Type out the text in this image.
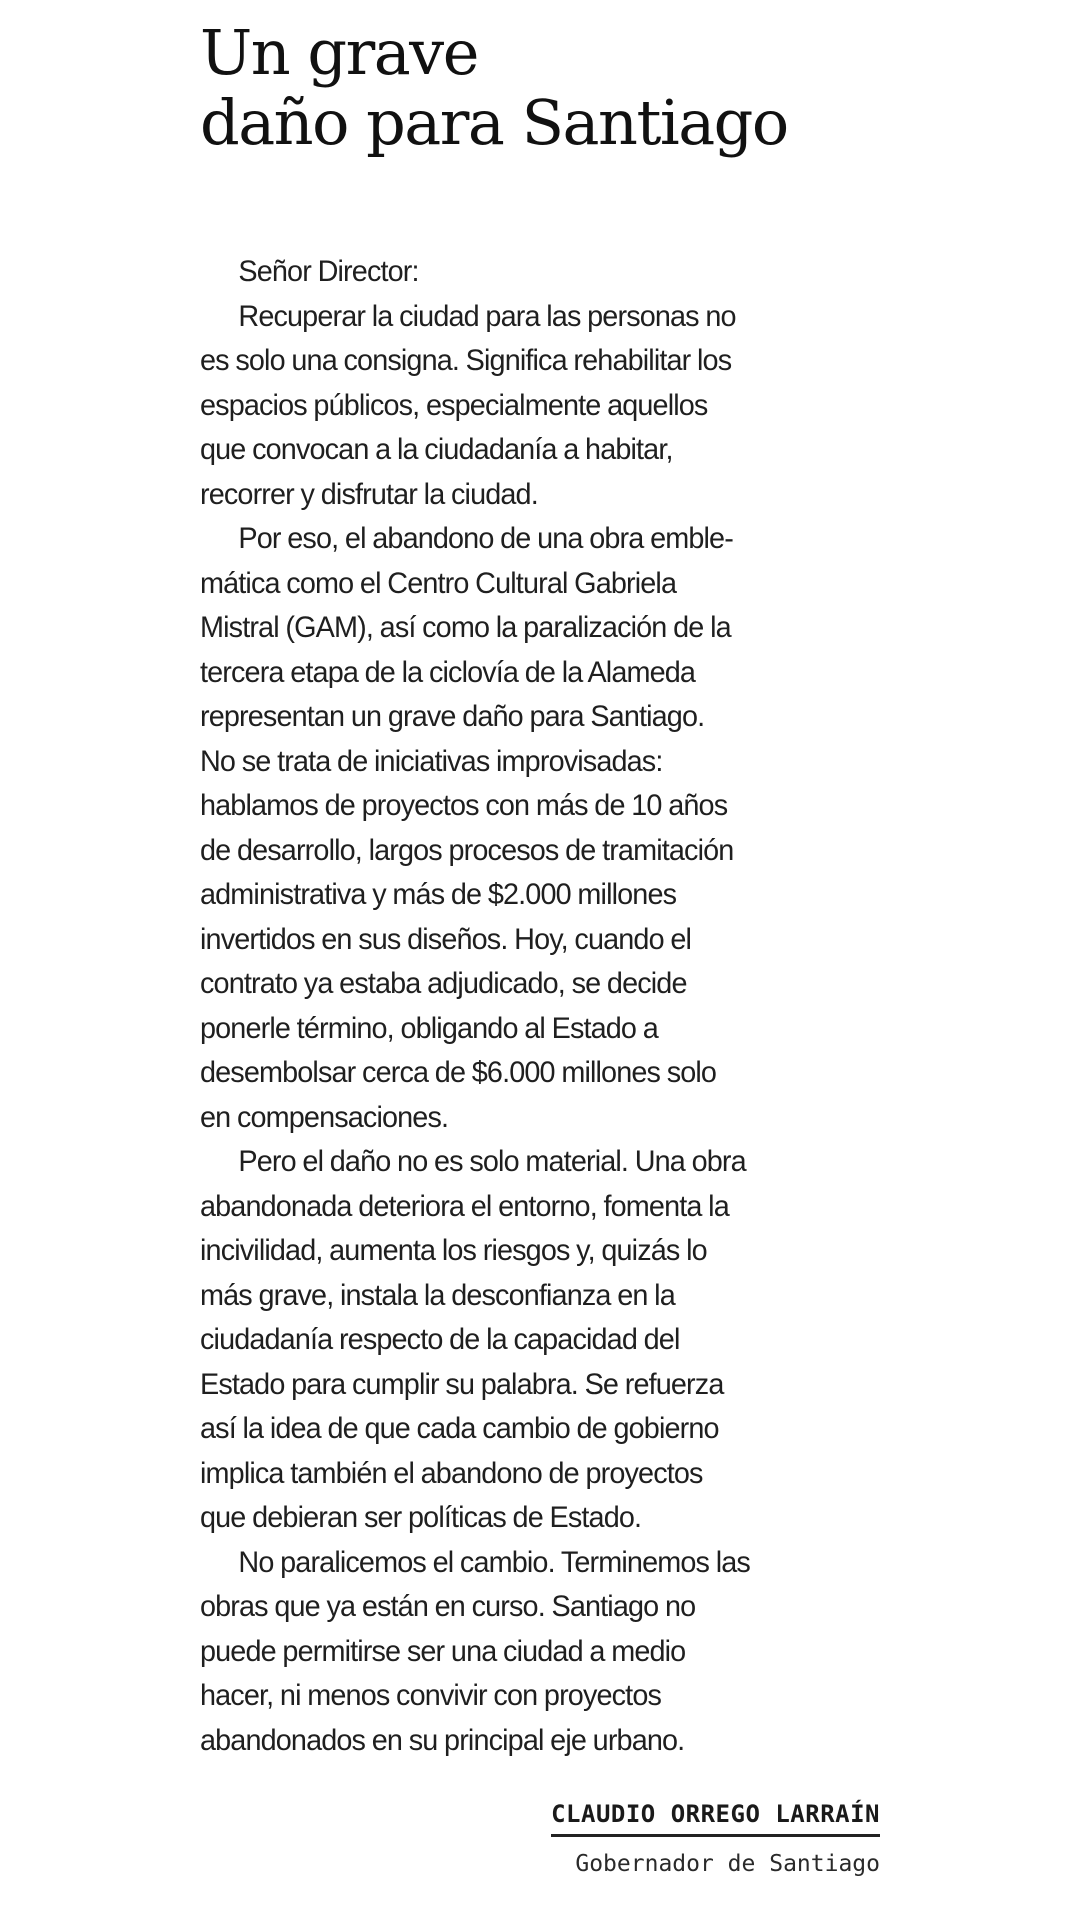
Un grave
daño para Santiago
Señor Director:
Recuperar la ciudad para las personas no
es solo una consigna. Significa rehabilitar los
espacios públicos, especialmente aquellos
que convocan a la ciudadanía a habitar,
recorrer y disfrutar la ciudad.
Por eso, el abandono de una obra emble-
mática como el Centro Cultural Gabriela
Mistral (GAM), así como la paralización de la
tercera etapa de la ciclovía de la Alameda
representan un grave daño para Santiago.
No se trata de iniciativas improvisadas:
hablamos de proyectos con más de 10 años
de desarrollo, largos procesos de tramitación
administrativa y más de $2.000 millones
invertidos en sus diseños. Hoy, cuando el
contrato ya estaba adjudicado, se decide
ponerle término, obligando al Estado a
desembolsar cerca de $6.000 millones solo
en compensaciones.
Pero el daño no es solo material. Una obra
abandonada deteriora el entorno, fomenta la
incivilidad, aumenta los riesgos y, quizás lo
más grave, instala la desconfianza en la
ciudadanía respecto de la capacidad del
Estado para cumplir su palabra. Se refuerza
así la idea de que cada cambio de gobierno
implica también el abandono de proyectos
que debieran ser políticas de Estado.
No paralicemos el cambio. Terminemos las
obras que ya están en curso. Santiago no
puede permitirse ser una ciudad a medio
hacer, ni menos convivir con proyectos
abandonados en su principal eje urbano.
CLAUDIO ORREGO LARRAÍN
Gobernador de Santiago
